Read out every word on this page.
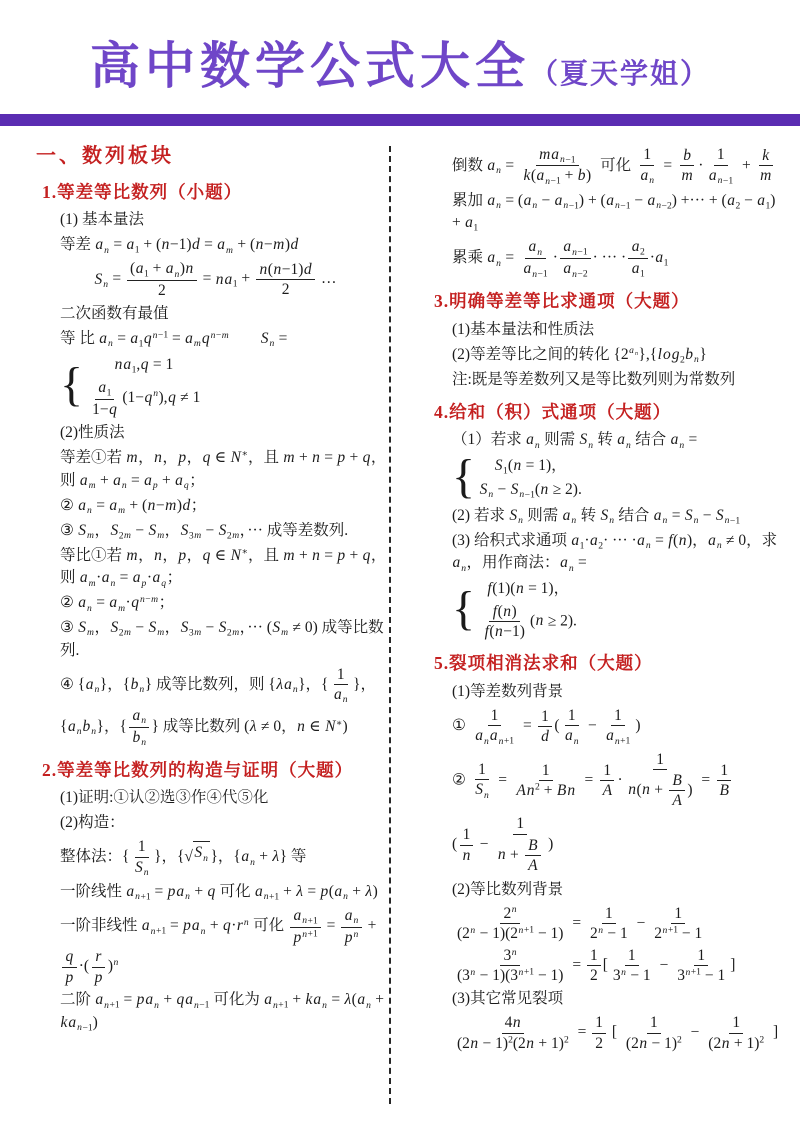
高中数学公式大全（夏天学姐）
一、数列板块
1.等差等比数列（小题）
(1) 基本量法
等差 $a_n = a_1 + (n-1)d = a_m + (n-m)d$
$S_n = \frac{(a_1 + a_n)n}{2} = na_1 + \frac{n(n-1)d}{2}$ …
二次函数有最值
等 比 $a_n = a_1q^{n-1} = a_mq^{n-m}$　　 $S_n$ =
{ $na_1,q = 1$
$\frac{a_1}{1-q} (1-q^n),q \ne 1$
(2)性质法
等差①若 m，n，p，q ∈ N∗，且 m + n = p + q，则 $a_m + a_n = a_p + a_q$；
② $a_n = a_m + (n-m)d$；
③ $S_m$，$S_{2m} - S_m$，$S_{3m} - S_{2m}$，··· 成等差数列.
等比①若 m，n，p，q ∈ N∗，且 m + n = p + q，则 $a_m\cdot a_n = a_p\cdot a_q$；
② $a_n = a_m\cdot q^{n-m}$；
③ $S_m$，$S_{2m} - S_m$，$S_{3m} - S_{2m}$，··· $(S_m \ne 0)$ 成等比数列.
④ $\{a_n\}$，$\{b_n\}$ 成等比数列，则 $\{\lambda a_n\}$，{ $\frac{1}{a_n}$ }，$\{a_nb_n\}$，{ $\frac{a_n}{b_n}$ } 成等比数列 (λ ≠ 0，n ∈ N∗)
2.等差等比数列的构造与证明（大题）
(1)证明:①认②选③作④代⑤化
(2)构造：
整体法：{ $\frac{1}{S_n}$ }，{ √ $S_n$ }，$\{a_n + \lambda\}$ 等
一阶线性 $a_{n+1} = pa_n + q$ 可化 $a_{n+1} + \lambda = p(a_n + \lambda)$
一阶非线性 $a_{n+1} = pa_n + q\cdot r^n$ 可化 $\frac{a_{n+1}}{p^{n+1}} = \frac{a_n}{p^n}$ +
$\frac{q}{p}$ ·( $\frac{r}{p} )^n$
二阶 $a_{n+1} = pa_n + qa_{n-1}$ 可化为 $a_{n+1} + ka_n = \lambda(a_n + ka_{n-1})$
倒数 $a_n$ =
$ma_{n-1}$
$k(a_{n-1} + b)$
可化 $\frac{1}{a_n} = \frac{b}{m} \cdot \frac{1}{a_{n-1}} + \frac{k}{m}$
累加 $a_n = (a_n - a_{n-1}) + (a_{n-1} - a_{n-2})$ +··· + $(a_2 - a_1) + a_1$
累乘 $a_n = \frac{a_n}{a_{n-1}} \cdot \frac{a_{n-1}}{a_{n-2}}$ · ··· · $\frac{a_2}{a_1} \cdot a_1$
3.明确等差等比求通项（大题）
(1)基本量法和性质法
(2)等差等比之间的转化 $\{2^{a_n}\},\{\log_2b_n\}$
注:既是等差数列又是等比数列则为常数列
4.给和（积）式通项（大题）
（1）若求 $a_n$ 则需 $S_n$ 转 $a_n$ 结合 $a_n$ =
{ $S_1(n = 1)$，
$S_n - S_{n-1}(n \ge 2)$.
(2) 若求 $S_n$ 则需 $a_n$ 转 $S_n$ 结合 $a_n = S_n - S_{n-1}$
(3) 给积式求通项 $a_1\cdot a_2\cdot$ ··· $\cdot a_n = f(n)$，$a_n \ne 0$，求 $a_n$，用作商法：$a_n$ =
{ f(1)(n = 1)，
$\frac{f(n)}{f(n-1)} (n \ge 2)$.
5.裂项相消法求和（大题）
(1)等差数列背景
①
1
$a_na_{n+1}$
= $\frac{1}{d}$ ( $\frac{1}{a_n} - \frac{1}{a_{n+1}}$ )
② $\frac{1}{S_n} = \frac{1}{An^2 + Bn} = \frac{1}{A} \cdot \frac{1}{n(n + \frac{B}{A} )} = \frac{1}{B}$
( $\frac{1}{n} - \frac{1}{n + \frac{B}{A}}$ )
(2)等比数列背景
$\frac{2^n}{(2^n - 1)(2^{n+1} - 1)} = \frac{1}{2^n - 1} - \frac{1}{2^{n+1} - 1}$
$\frac{3^n}{(3^n - 1)(3^{n+1} - 1)} = \frac{1}{2}$ [ $\frac{1}{3^n - 1} - \frac{1}{3^{n+1} - 1}$ ]
(3)其它常见裂项
$\frac{4n}{(2n - 1)^2(2n + 1)^2} = \frac{1}{2}$ [ $\frac{1}{(2n - 1)^2} - \frac{1}{(2n + 1)^2}$ ]
